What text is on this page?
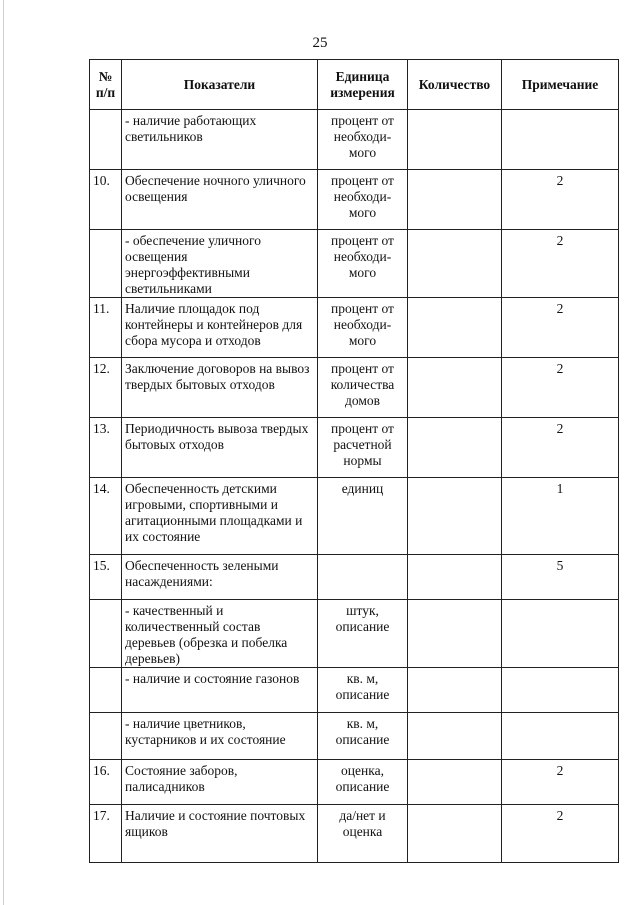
25
№ п/п	Показатели	Единица измерения	Количество	Примечание
	- наличие работающих светильников	процент от необходи-мого		
10.	Обеспечение ночного уличного освещения	процент от необходи-мого		2
	- обеспечение уличного освещения энергоэффективными светильниками	процент от необходи-мого		2
11.	Наличие площадок под контейнеры и контейнеров для сбора мусора и отходов	процент от необходи-мого		2
12.	Заключение договоров на вывоз твердых бытовых отходов	процент от количества домов		2
13.	Периодичность вывоза твердых бытовых отходов	процент от расчетной нормы		2
14.	Обеспеченность детскими игровыми, спортивными и агитационными площадками и их состояние	единиц		1
15.	Обеспеченность зелеными насаждениями:			5
	- качественный и количественный состав деревьев (обрезка и побелка деревьев)	штук, описание		
	- наличие и состояние газонов	кв. м, описание		
	- наличие цветников, кустарников и их состояние	кв. м, описание		
16.	Состояние заборов, палисадников	оценка, описание		2
17.	Наличие и состояние почтовых ящиков	да/нет и оценка		2
